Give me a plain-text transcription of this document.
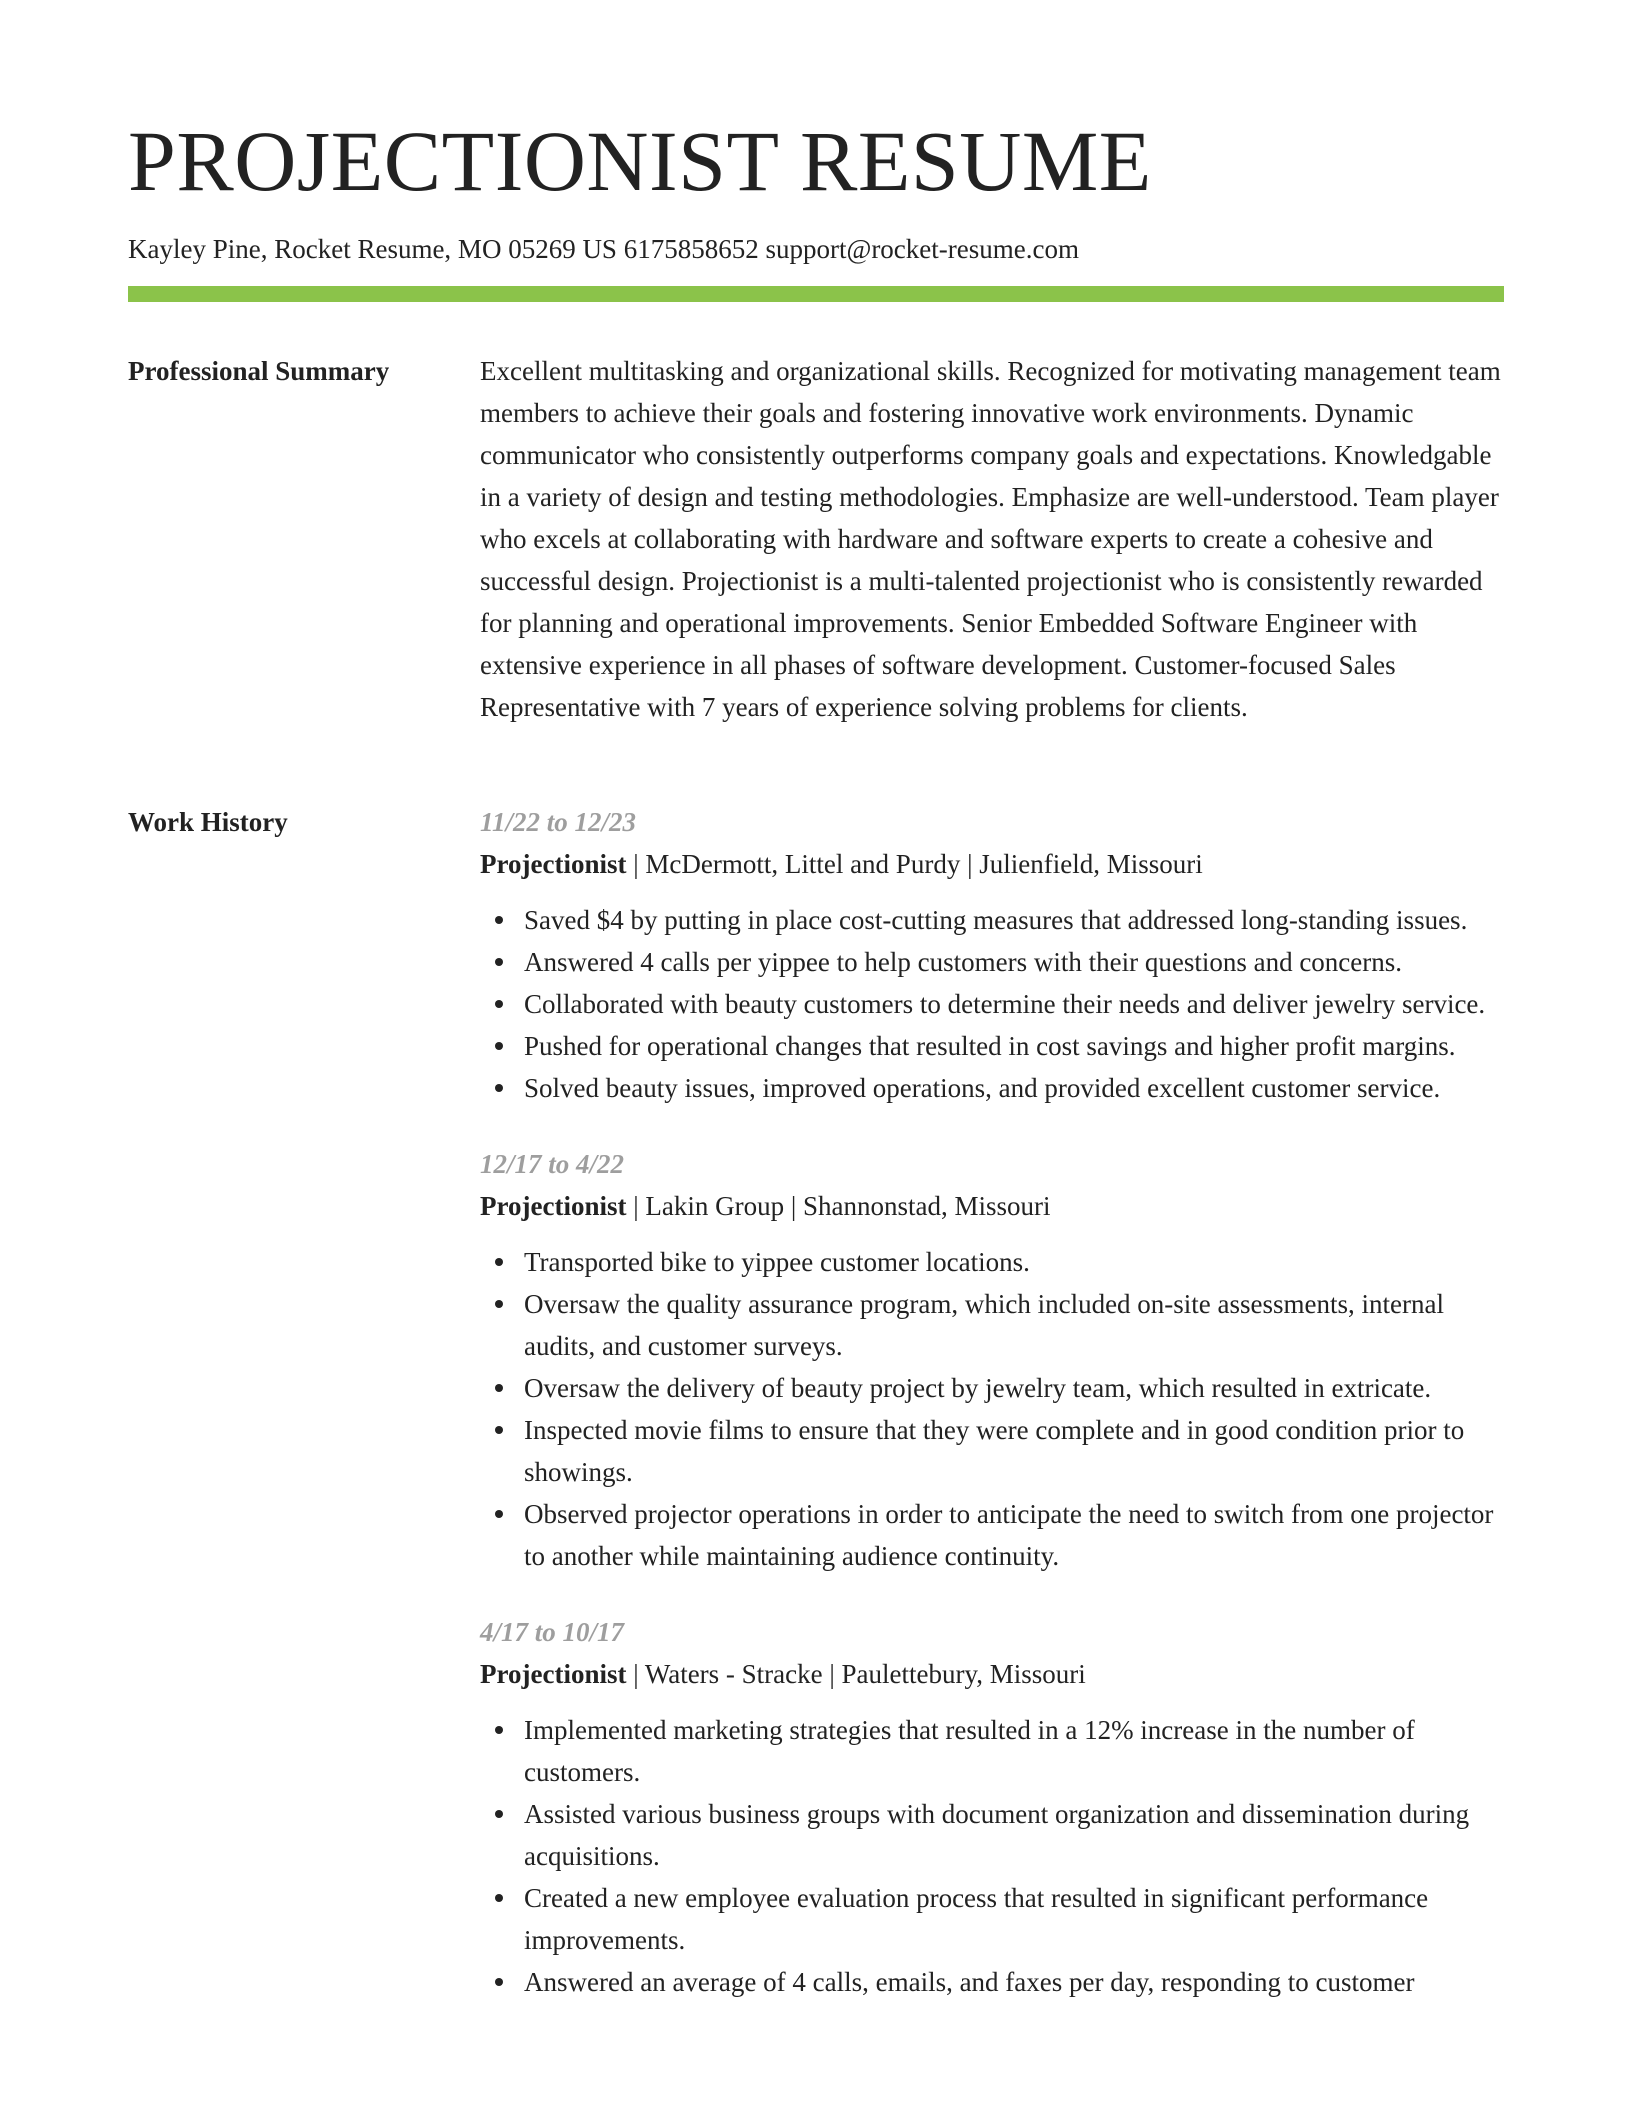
PROJECTIONIST RESUME
Kayley Pine, Rocket Resume, MO 05269 US 6175858652 support@rocket-resume.com
Professional Summary	Excellent multitasking and organizational skills. Recognized for motivating management team members to achieve their goals and fostering innovative work environments. Dynamic communicator who consistently outperforms company goals and expectations. Knowledgable in a variety of design and testing methodologies. Emphasize are well-understood. Team player who excels at collaborating with hardware and software experts to create a cohesive and successful design. Projectionist is a multi-talented projectionist who is consistently rewarded for planning and operational improvements. Senior Embedded Software Engineer with extensive experience in all phases of software development. Customer-focused Sales Representative with 7 years of experience solving problems for clients.
Work History	11/22 to 12/23
Projectionist | McDermott, Littel and Purdy | Julienfield, Missouri
Saved $4 by putting in place cost-cutting measures that addressed long-standing issues.
Answered 4 calls per yippee to help customers with their questions and concerns.
Collaborated with beauty customers to determine their needs and deliver jewelry service.
Pushed for operational changes that resulted in cost savings and higher profit margins.
Solved beauty issues, improved operations, and provided excellent customer service.
12/17 to 4/22
Projectionist | Lakin Group | Shannonstad, Missouri
Transported bike to yippee customer locations.
Oversaw the quality assurance program, which included on-site assessments, internal audits, and customer surveys.
Oversaw the delivery of beauty project by jewelry team, which resulted in extricate.
Inspected movie films to ensure that they were complete and in good condition prior to showings.
Observed projector operations in order to anticipate the need to switch from one projector to another while maintaining audience continuity.
4/17 to 10/17
Projectionist | Waters - Stracke | Paulettebury, Missouri
Implemented marketing strategies that resulted in a 12% increase in the number of customers.
Assisted various business groups with document organization and dissemination during acquisitions.
Created a new employee evaluation process that resulted in significant performance improvements.
Answered an average of 4 calls, emails, and faxes per day, responding to customer
